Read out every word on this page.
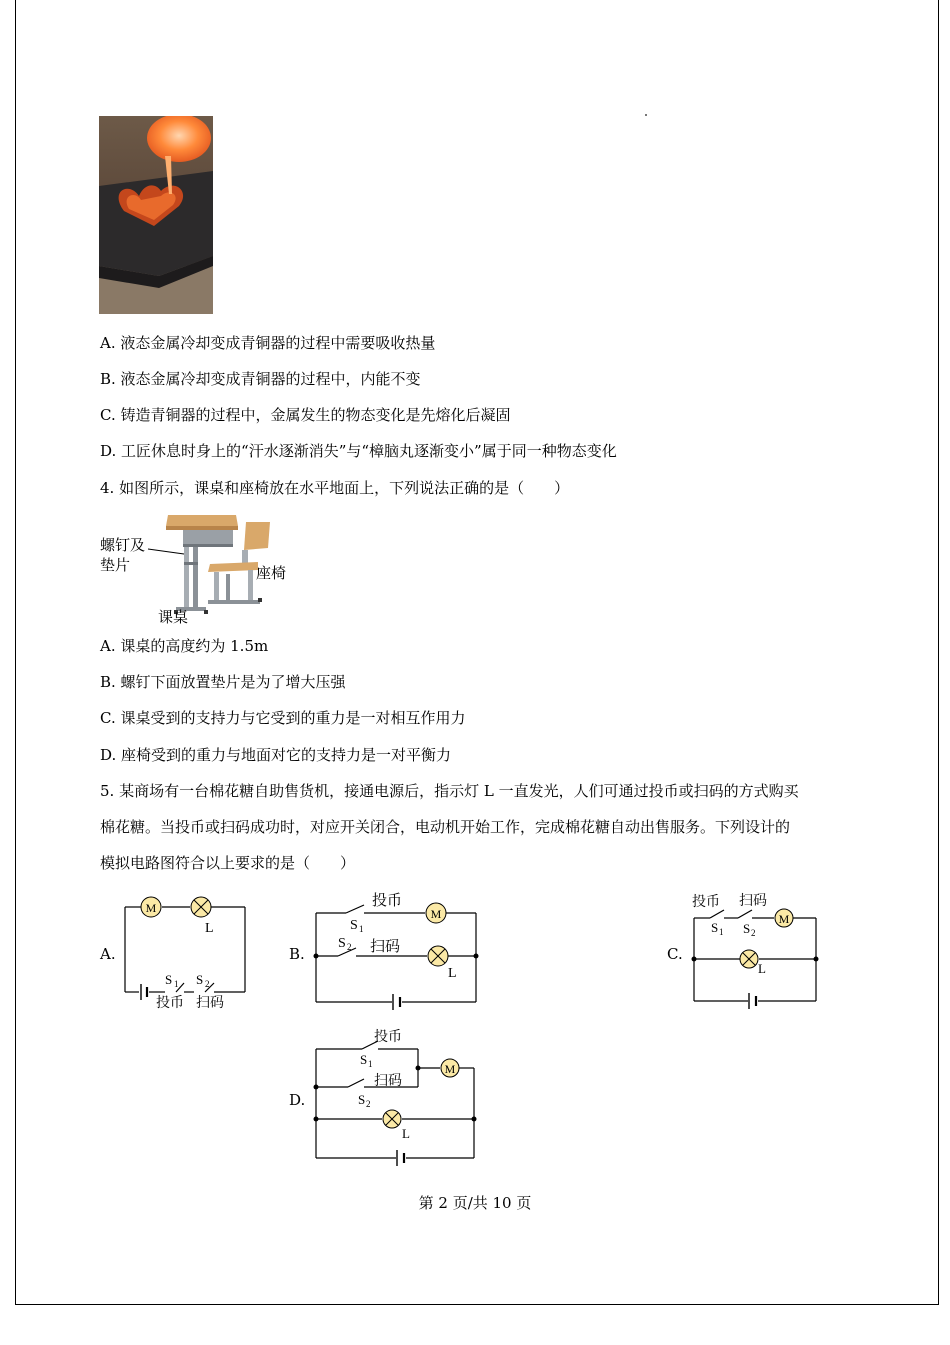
A. 液态金属冷却变成青铜器的过程中需要吸收热量
B. 液态金属冷却变成青铜器的过程中，内能不变
C. 铸造青铜器的过程中，金属发生的物态变化是先熔化后凝固
D. 工匠休息时身上的“汗水逐渐消失”与“樟脑丸逐渐变小”属于同一种物态变化
4. 如图所示，课桌和座椅放在水平地面上，下列说法正确的是（　　）
螺钉及
垫片	座椅
课桌
A. 课桌的高度约为 1.5m
B. 螺钉下面放置垫片是为了增大压强
C. 课桌受到的支持力与它受到的重力是一对相互作用力
D. 座椅受到的重力与地面对它的支持力是一对平衡力
5. 某商场有一台棉花糖自助售货机，接通电源后，指示灯 L 一直发光，人们可通过投币或扫码的方式购买
棉花糖。当投币或扫码成功时，对应开关闭合，电动机开始工作，完成棉花糖自动出售服务。下列设计的
模拟电路图符合以上要求的是（　　）
A.
M
L
S 1 S 2
投币 扫码
B.
M
L
投币
S 1
S 2 扫码	C.
M
L
投币 扫码
S 1 S 2
D.
M
L
投币
S 1
扫码
S 2
第 2 页/共 10 页
